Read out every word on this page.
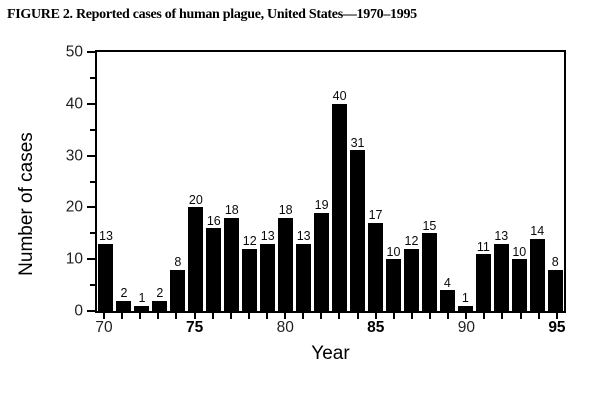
FIGURE 2. Reported cases of human plague, United States—1970–1995
Number of cases
0
10
20
30
40
50
13
2 1 2
8
20
16
18
12 13
18
13
19
40
31
17
10
12
15
4
1
11
13
10
14
8
70	75	80	85	90	95
Year
